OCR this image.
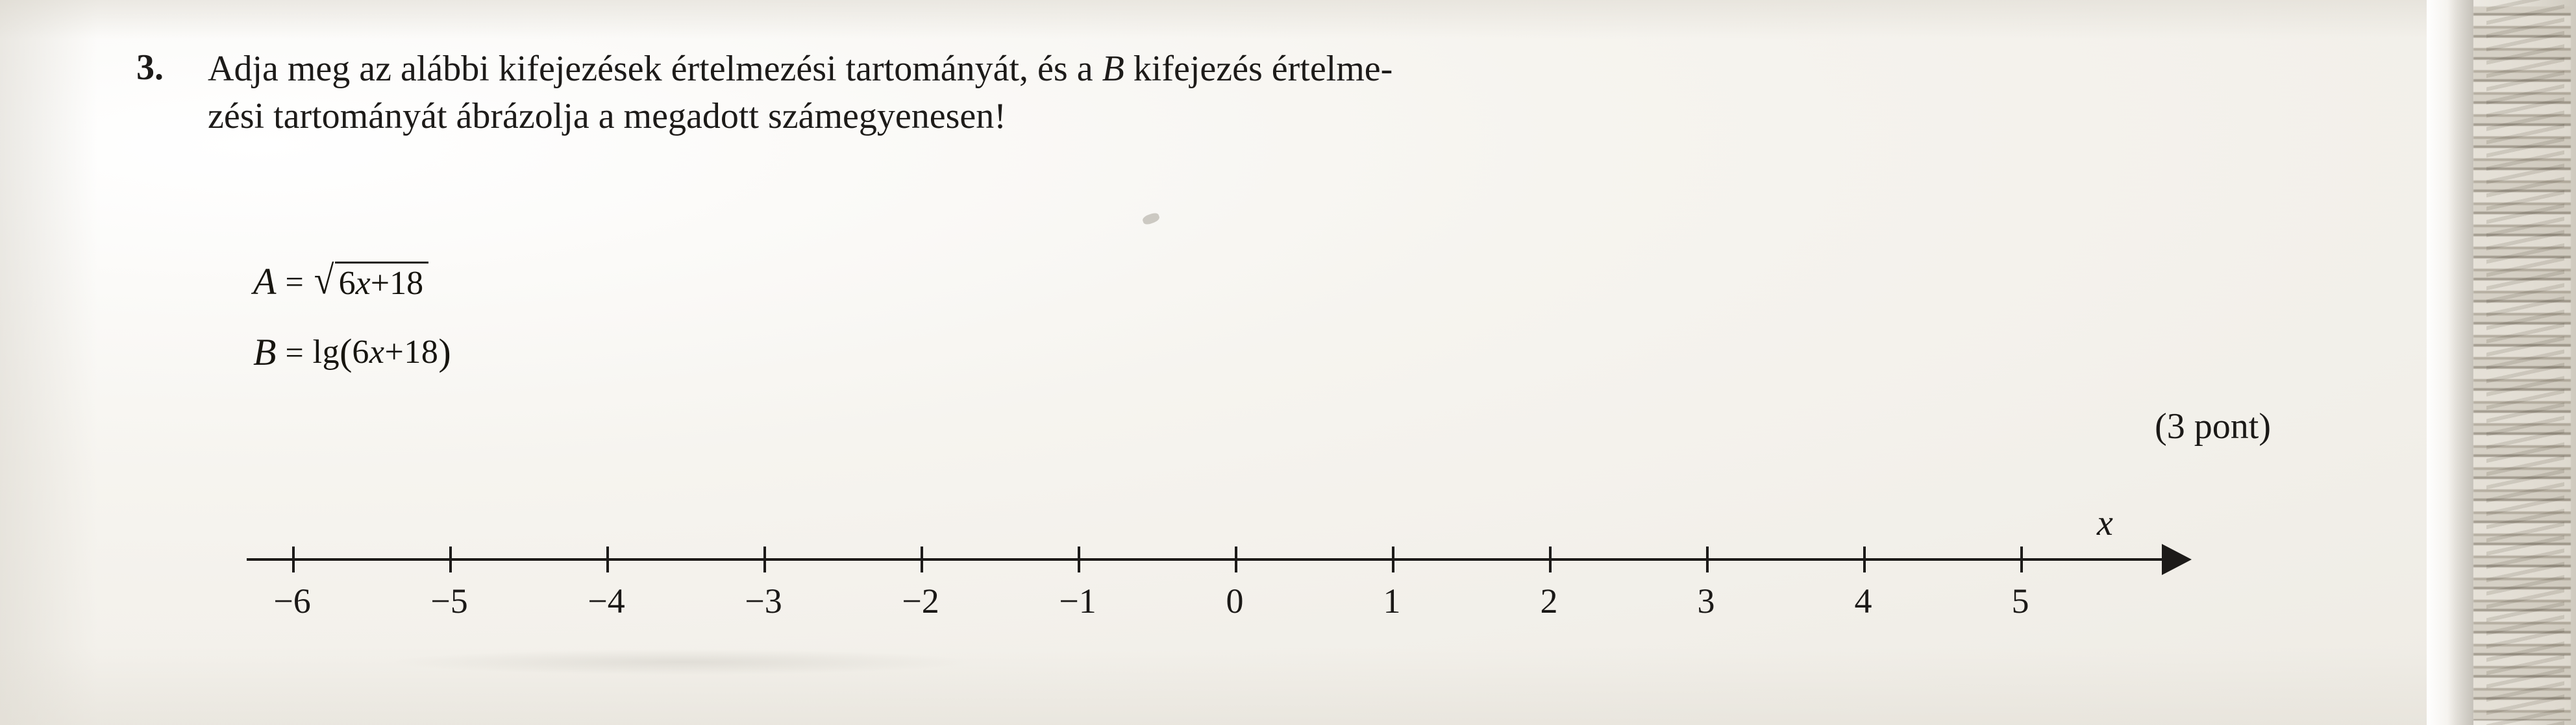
3.	Adja meg az alábbi kifejezések értelmezési tartományát, és a B kifejezés értelme-
zési tartományát ábrázolja a megadott számegyenesen!
A = √ 6x+18
B = lg ( 6 x +18 )
(3 pont)
x
−6	−5	−4	−3	−2	−1	0	1	2	3	4	5
